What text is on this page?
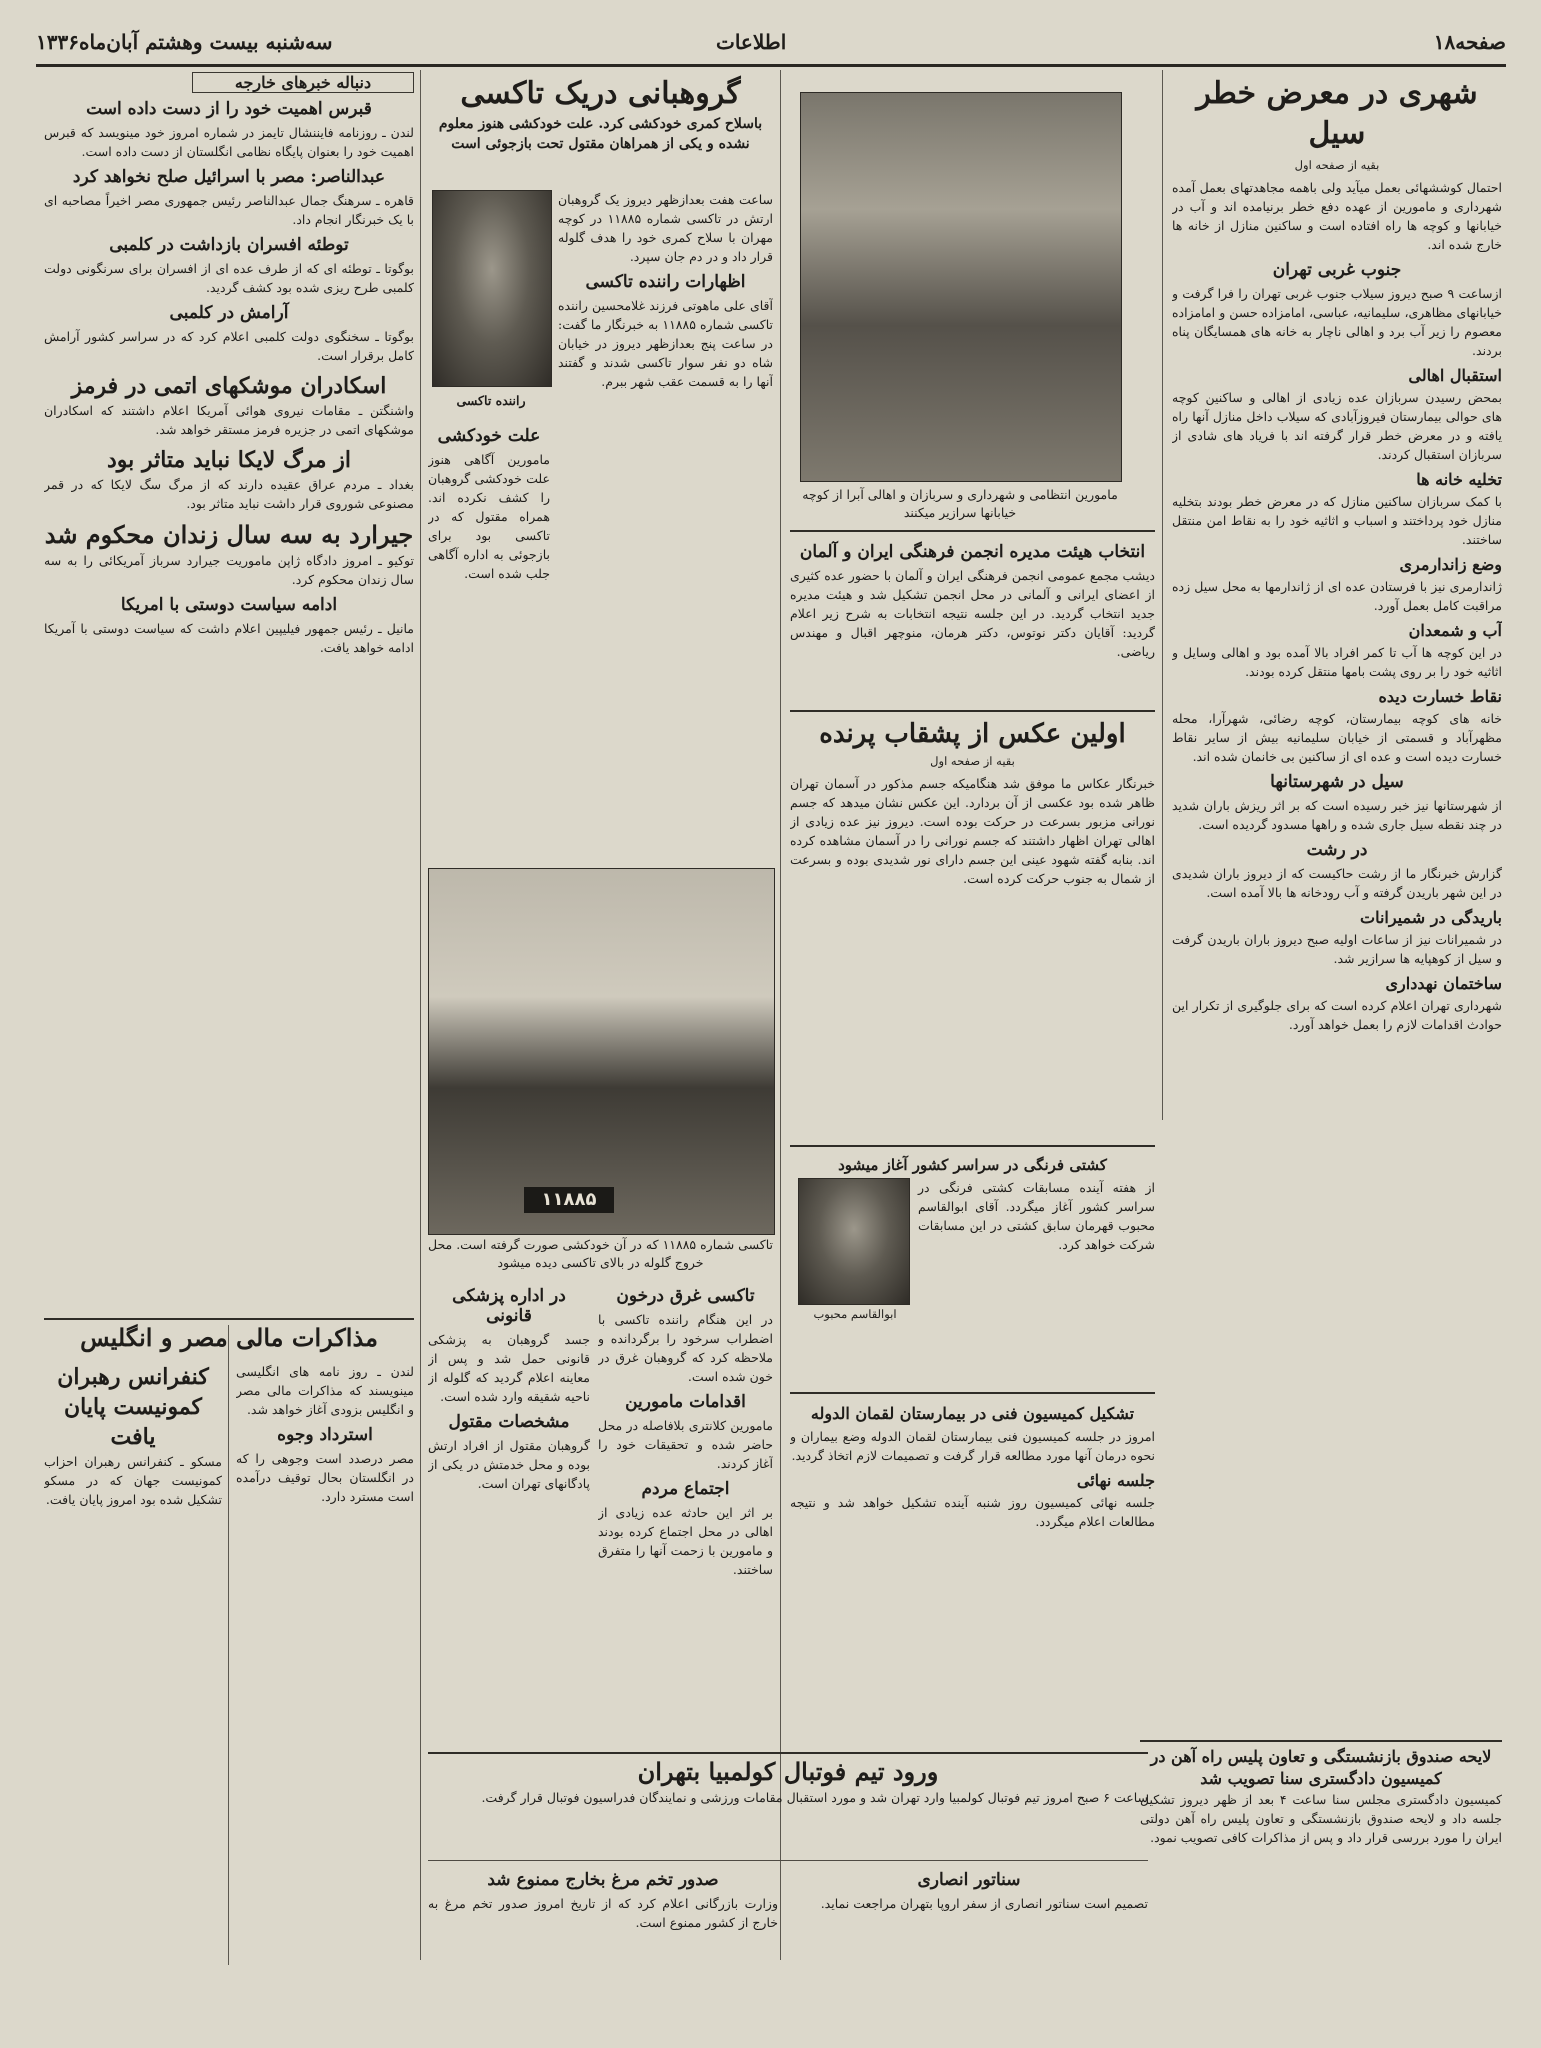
صفحه۱۸
اطلاعات
سه‌شنبه بیست وهشتم آبان‌ماه۱۳۳۶
شهری در معرض خطر سیل
بقیه از صفحه اول

احتمال کوششهائی بعمل میآید ولی باهمه مجاهدتهای بعمل آمده شهرداری و مامورین از عهده دفع خطر برنیامده اند و آب در خیابانها و کوچه ها راه افتاده است و ساکنین منازل از خانه ها خارج شده اند.

جنوب غربی تهران

ازساعت ۹ صبح دیروز سیلاب جنوب غربی تهران را فرا گرفت و خیابانهای مظاهری، سلیمانیه، عباسی، امامزاده حسن و امامزاده معصوم را زیر آب برد و اهالی ناچار به خانه های همسایگان پناه بردند.

استقبال اهالی

بمحض رسیدن سربازان عده زیادی از اهالی و ساکنین کوچه های حوالی بیمارستان فیروزآبادی که سیلاب داخل منازل آنها راه یافته و در معرض خطر قرار گرفته اند با فریاد های شادی از سربازان استقبال کردند.

تخلیه خانه ها

با کمک سربازان ساکنین منازل که در معرض خطر بودند بتخلیه منازل خود پرداختند و اسباب و اثاثیه خود را به نقاط امن منتقل ساختند.

وضع زاندارمری

ژاندارمری نیز با فرستادن عده ای از ژاندارمها به محل سیل زده مراقبت کامل بعمل آورد.

آب و شمعدان

در این کوچه ها آب تا کمر افراد بالا آمده بود و اهالی وسایل و اثاثیه خود را بر روی پشت بامها منتقل کرده بودند.

نقاط خسارت دیده

خانه های کوچه بیمارستان، کوچه رضائی، شهرآرا، محله‌ مظهرآباد و قسمتی از خیابان سلیمانیه بیش از سایر نقاط خسارت دیده است و عده ای از ساکنین بی خانمان شده اند.

سیل در شهرستانها

از شهرستانها نیز خبر رسیده است که بر اثر ریزش باران شدید در چند نقطه سیل جاری شده و راهها مسدود گردیده است.

در رشت

گزارش خبرنگار ما از رشت حاکیست که از دیروز باران شدیدی در این شهر باریدن گرفته و آب رودخانه ها بالا آمده است.

باریدگی در شمیرانات

در شمیرانات نیز از ساعات اولیه صبح دیروز باران باریدن گرفت و سیل از کوهپایه ها سرازیر شد.

ساختمان نهدداری

شهرداری تهران اعلام کرده است که برای جلوگیری از تکرار این حوادث اقدامات لازم را بعمل خواهد آورد.

مامورین انتظامی و شهرداری و سربازان و اهالی آبرا از کوچه خیابانها سرازیر میکنند
انتخاب هیئت مدیره انجمن فرهنگی ایران و آلمان

دیشب مجمع عمومی انجمن فرهنگی ایران و آلمان با حضور عده کثیری از اعضای ایرانی و آلمانی در محل انجمن تشکیل شد و هیئت مدیره جدید انتخاب گردید. در این جلسه نتیجه انتخابات به شرح زیر اعلام گردید: آقایان دکتر نوتوس، دکتر هرمان، منوچهر اقبال و مهندس ریاضی.

اولین عکس از پشقاب پرنده
بقیه از صفحه اول

خبرنگار عکاس ما موفق شد هنگامیکه جسم مذکور در آسمان تهران ظاهر شده بود عکسی از آن بردارد. این عکس نشان میدهد که جسم نورانی مزبور بسرعت در حرکت بوده است. دیروز نیز عده زیادی از اهالی تهران اظهار داشتند که جسم نورانی را در آسمان مشاهده کرده اند. بنابه گفته شهود عینی این جسم دارای نور شدیدی بوده و بسرعت از شمال به جنوب حرکت کرده است.

کشتی فرنگی در سراسر کشور آغاز میشود
ابوالقاسم محبوب

از هفته آینده مسابقات کشتی فرنگی در سراسر کشور آغاز میگردد. آقای ابوالقاسم محبوب قهرمان سابق کشتی در این مسابقات شرکت خواهد کرد.

تشکیل کمیسیون فنی در بیمارستان لقمان الدوله

امروز در جلسه کمیسیون فنی بیمارستان لقمان الدوله وضع بیماران و نحوه درمان آنها مورد مطالعه قرار گرفت و تصمیمات لازم اتخاذ گردید.

جلسه نهائی

جلسه نهائی کمیسیون روز شنبه آینده تشکیل خواهد شد و نتیجه مطالعات اعلام میگردد.

گروهبانی دریک تاکسی
باسلاح کمری خودکشی کرد. علت خودکشی هنوز معلوم نشده و یکی از همراهان مقتول تحت بازجوئی است
راننده تاکسی

ساعت هفت بعدازظهر دیروز یک گروهبان ارتش در تاکسی شماره ۱۱۸۸۵ در کوچه مهران با سلاح کمری خود را هدف گلوله قرار داد و در دم جان سپرد.

اظهارات راننده تاکسی

آقای علی ماهوتی فرزند غلامحسین راننده تاکسی شماره ۱۱۸۸۵ به خبرنگار ما گفت: در ساعت پنج بعدازظهر دیروز در خیابان شاه دو نفر سوار تاکسی شدند و گفتند آنها را به قسمت عقب شهر ببرم.

علت خودکشی

مامورین آگاهی هنوز علت خودکشی گروهبان را کشف نکرده اند. همراه مقتول که در تاکسی بود برای بازجوئی به اداره آگاهی جلب شده است.

۱۱۸۸۵
تاکسی شماره ۱۱۸۸۵ که در آن خودکشی صورت گرفته است. محل خروج گلوله در بالای تاکسی دیده میشود
تاکسی غرق درخون

در این هنگام راننده تاکسی با اضطراب سرخود را برگردانده و ملاحظه کرد که گروهبان غرق در خون شده است.

اقدامات مامورین

مامورین کلانتری بلافاصله در محل حاضر شده و تحقیقات خود را آغاز کردند.

اجتماع مردم

بر اثر این حادثه عده زیادی از اهالی در محل اجتماع کرده بودند و مامورین با زحمت آنها را متفرق ساختند.

در اداره پزشکی قانونی

جسد گروهبان به پزشکی قانونی حمل شد و پس از معاینه اعلام گردید که گلوله از ناحیه شقیقه وارد شده است.

مشخصات مقتول

گروهبان مقتول از افراد ارتش بوده و محل خدمتش در یکی از پادگانهای تهران است.

دنباله خبرهای خارجه
قبرس اهمیت‌ خود را از دست داده است

لندن ـ روزنامه فایننشال تایمز در شماره امروز خود مینویسد که قبرس اهمیت خود را بعنوان پایگاه نظامی انگلستان از دست داده است.

عبدالناصر: مصر با اسرائیل صلح نخواهد کرد

قاهره ـ سرهنگ جمال عبدالناصر رئیس جمهوری مصر اخیراً مصاحبه ای با یک خبرنگار انجام داد.

توطئه افسران بازداشت در کلمبی

بوگوتا ـ توطئه ای که از طرف عده ای از افسران برای سرنگونی دولت کلمبی طرح ریزی شده بود کشف گردید.

آرامش در کلمبی

بوگوتا ـ سخنگوی دولت کلمبی اعلام کرد که در سراسر کشور آرامش کامل برقرار است.

اسکادران موشکهای اتمی در فرمز

واشنگتن ـ مقامات نیروی هوائی آمریکا اعلام داشتند که اسکادران موشکهای اتمی در جزیره فرمز مستقر خواهد شد.

از مرگ لایکا نباید متاثر بود

بغداد ـ مردم عراق عقیده دارند که از مرگ سگ لایکا که در قمر مصنوعی شوروی قرار داشت نباید متاثر بود.

جیرارد به سه سال زندان محکوم شد

توکیو ـ امروز دادگاه ژاپن ماموریت جیرارد سرباز آمریکائی را به سه سال زندان محکوم کرد.

ادامه سیاست دوستی با امریکا

مانیل ـ رئیس جمهور فیلیپین اعلام داشت که سیاست دوستی با آمریکا ادامه خواهد یافت.

مذاکرات مالی مصر و انگلیس

لندن ـ روز نامه های انگلیسی مینویسند که مذاکرات مالی مصر و انگلیس بزودی آغاز خواهد شد.

استرداد وجوه

مصر درصدد است وجوهی را که در انگلستان بحال توقیف درآمده است مسترد دارد.

کنفرانس رهبران
کمونیست پایان یافت

مسکو ـ کنفرانس رهبران احزاب کمونیست جهان که در مسکو تشکیل شده بود امروز پایان یافت.

ورود تیم فوتبال کولمبیا بتهران

ساعت ۶ صبح امروز تیم فوتبال کولمبیا وارد تهران شد و مورد استقبال مقامات ورزشی و نمایندگان فدراسیون فوتبال قرار گرفت.

سناتور انصاری

تصمیم است سناتور انصاری از سفر اروپا بتهران مراجعت نماید.

صدور تخم مرغ بخارج ممنوع شد

وزارت بازرگانی اعلام کرد که از تاریخ امروز صدور تخم مرغ به خارج از کشور ممنوع است.

لایحه صندوق بازنشستگی و تعاون پلیس راه آهن در کمیسیون دادگستری سنا تصویب شد

کمیسیون دادگستری مجلس سنا ساعت ۴ بعد از ظهر دیروز تشکیل جلسه داد و لایحه صندوق بازنشستگی و تعاون پلیس راه آهن دولتی ایران را مورد بررسی قرار داد و پس از مذاکرات کافی تصویب نمود.
